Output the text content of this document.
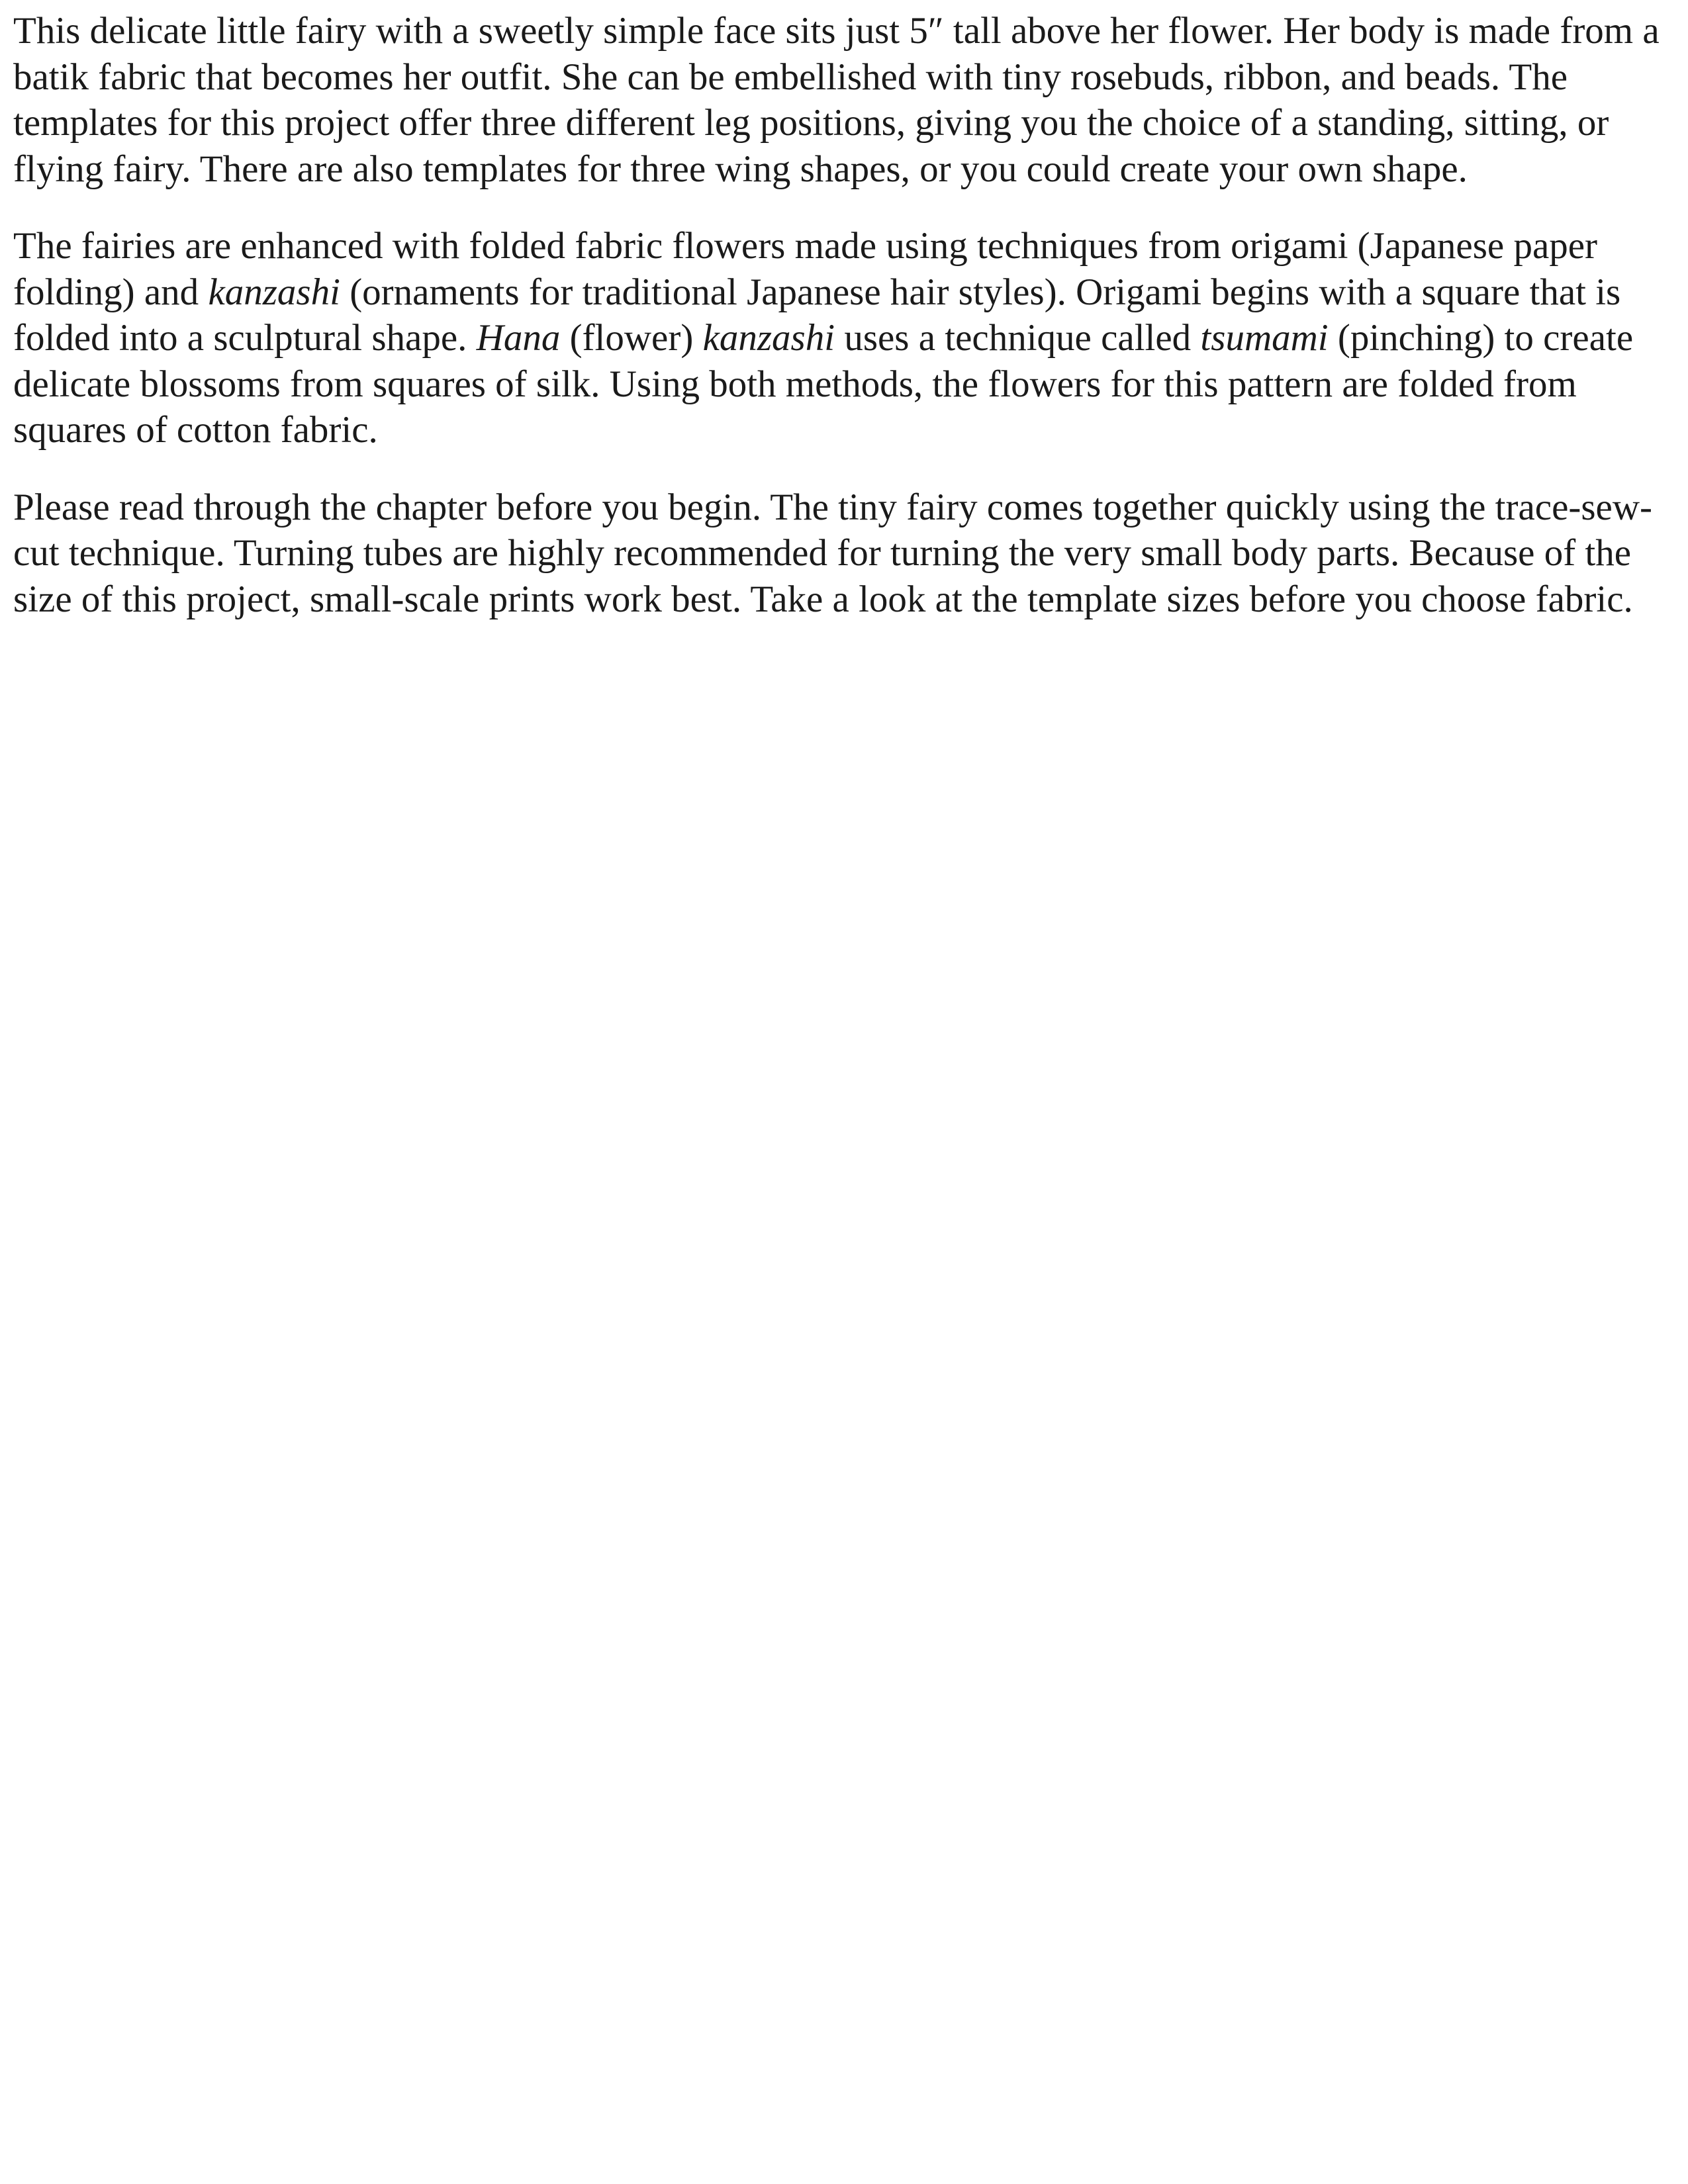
This delicate little fairy with a sweetly simple face sits just 5″ tall above her flower. Her body is made from a batik fabric that becomes her outfit. She can be embellished with tiny rosebuds, ribbon, and beads. The templates for this project offer three different leg positions, giving you the choice of a standing, sitting, or flying fairy. There are also templates for three wing shapes, or you could create your own shape.

The fairies are enhanced with folded fabric flowers made using techniques from origami (Japanese paper folding) and kanzashi (ornaments for traditional Japanese hair styles). Origami begins with a square that is folded into a sculptural shape. Hana (flower) kanzashi uses a technique called tsumami (pinching) to create delicate blossoms from squares of silk. Using both methods, the flowers for this pattern are folded from squares of cotton fabric.

Please read through the chapter before you begin. The tiny fairy comes together quickly using the trace-sew-cut technique. Turning tubes are highly recommended for turning the very small body parts. Because of the size of this project, small-scale prints work best. Take a look at the template sizes before you choose fabric.
